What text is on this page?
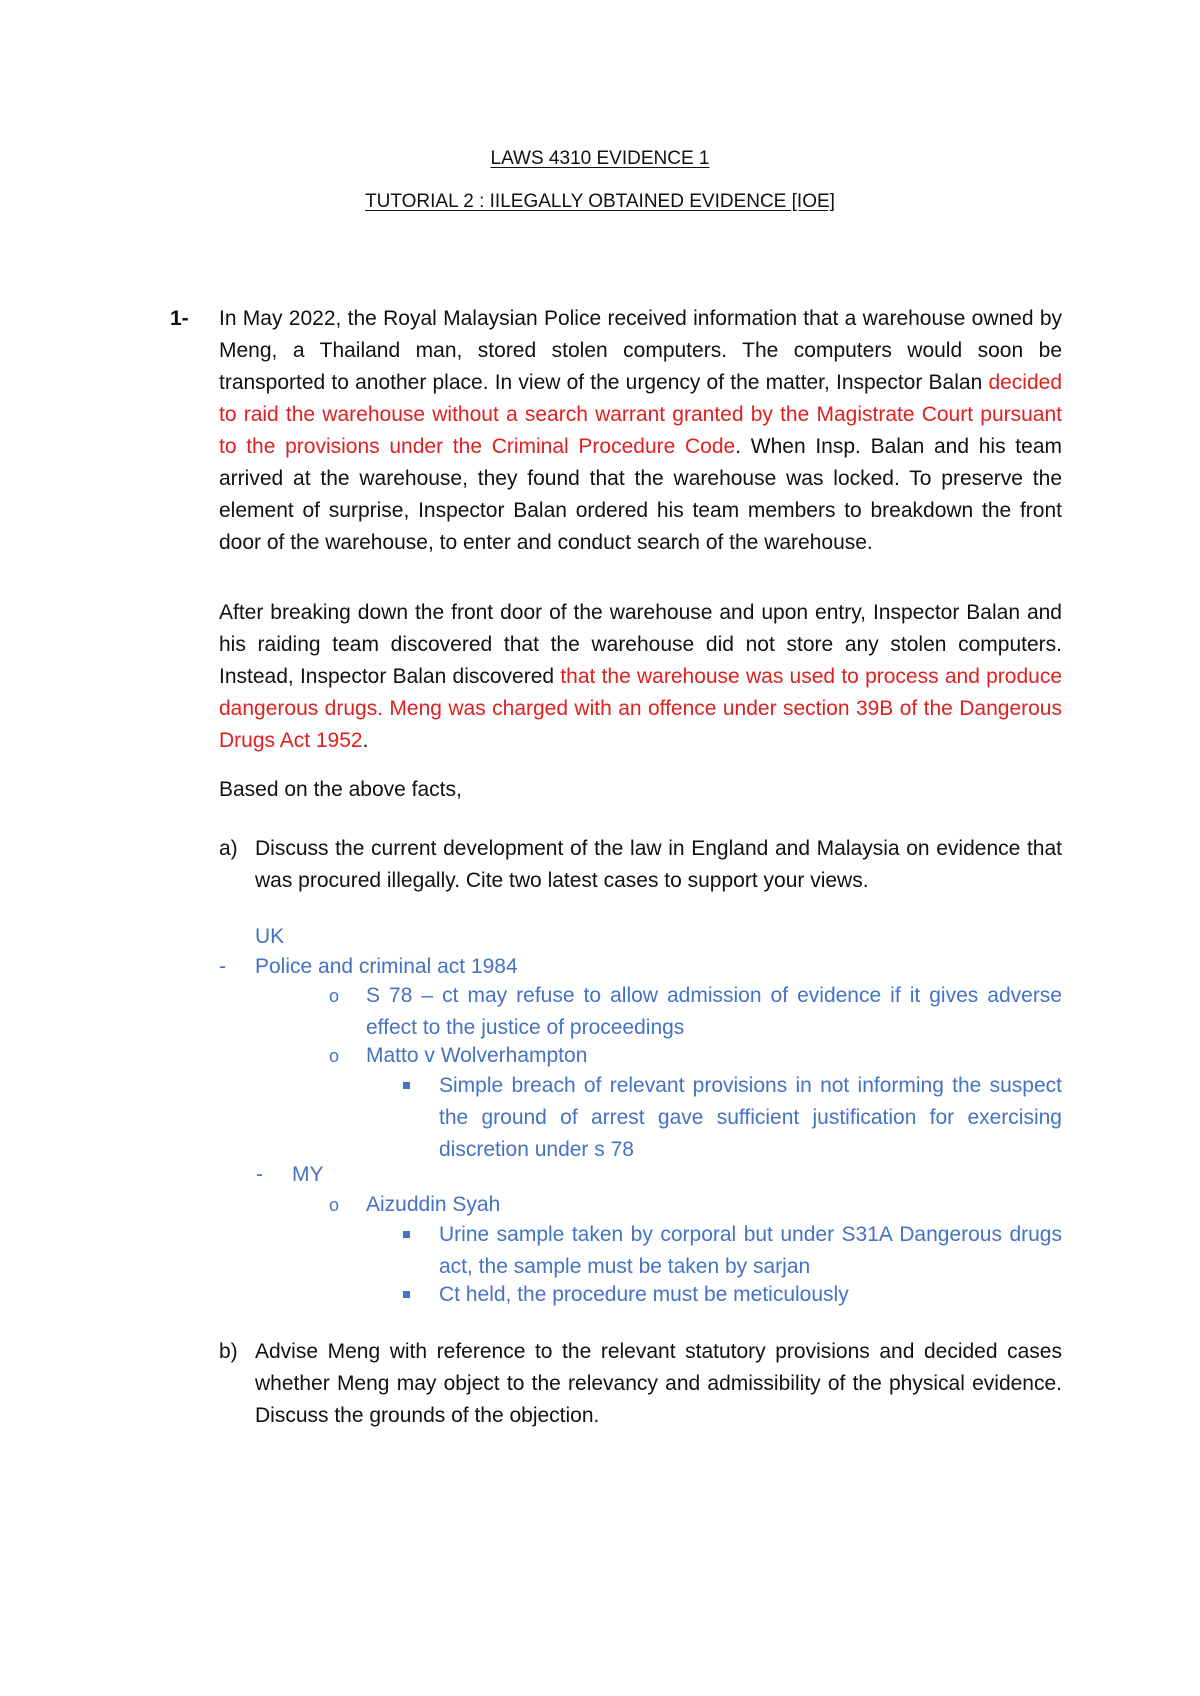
LAWS 4310 EVIDENCE 1
TUTORIAL 2 : IILEGALLY OBTAINED EVIDENCE [IOE]
1- In May 2022, the Royal Malaysian Police received information that a warehouse owned by Meng, a Thailand man, stored stolen computers. The computers would soon be transported to another place. In view of the urgency of the matter, Inspector Balan decided to raid the warehouse without a search warrant granted by the Magistrate Court pursuant to the provisions under the Criminal Procedure Code. When Insp. Balan and his team arrived at the warehouse, they found that the warehouse was locked. To preserve the element of surprise, Inspector Balan ordered his team members to breakdown the front door of the warehouse, to enter and conduct search of the warehouse.
After breaking down the front door of the warehouse and upon entry, Inspector Balan and his raiding team discovered that the warehouse did not store any stolen computers. Instead, Inspector Balan discovered that the warehouse was used to process and produce dangerous drugs. Meng was charged with an offence under section 39B of the Dangerous Drugs Act 1952.
Based on the above facts,
a) Discuss the current development of the law in England and Malaysia on evidence that was procured illegally. Cite two latest cases to support your views.
UK
- Police and criminal act 1984
o S 78 – ct may refuse to allow admission of evidence if it gives adverse effect to the justice of proceedings
o Matto v Wolverhampton
Simple breach of relevant provisions in not informing the suspect the ground of arrest gave sufficient justification for exercising discretion under s 78
- MY
o Aizuddin Syah
Urine sample taken by corporal but under S31A Dangerous drugs act, the sample must be taken by sarjan
Ct held, the procedure must be meticulously
b) Advise Meng with reference to the relevant statutory provisions and decided cases whether Meng may object to the relevancy and admissibility of the physical evidence. Discuss the grounds of the objection.
